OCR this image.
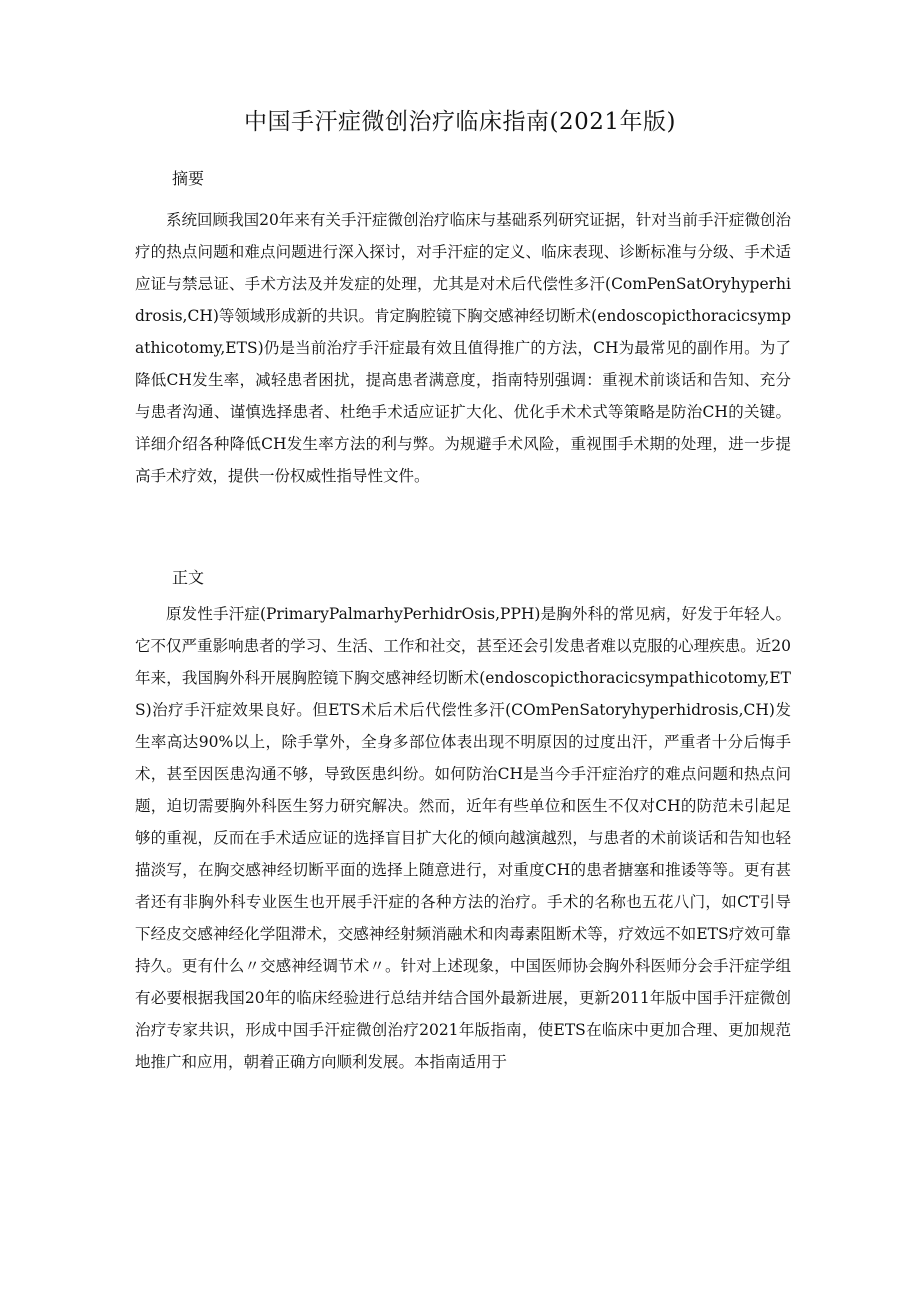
中国手汗症微创治疗临床指南(2021年版)
摘要

系统回顾我国20年来有关手汗症微创治疗临床与基础系列研究证据，针对当前手汗症微创治疗的热点问题和难点问题进行深入探讨，对手汗症的定义、临床表现、诊断标准与分级、手术适应证与禁忌证、手术方法及并发症的处理，尤其是对术后代偿性多汗(ComPenSatOryhyperhidrosis,CH)等领域形成新的共识。肯定胸腔镜下胸交感神经切断术(endoscopicthoracicsympathicotomy,ETS)仍是当前治疗手汗症最有效且值得推广的方法，CH为最常见的副作用。为了降低CH发生率，减轻患者困扰，提高患者满意度，指南特别强调：重视术前谈话和告知、充分与患者沟通、谨慎选择患者、杜绝手术适应证扩大化、优化手术术式等策略是防治CH的关键。详细介绍各种降低CH发生率方法的利与弊。为规避手术风险，重视围手术期的处理，进一步提高手术疗效，提供一份权威性指导性文件。

正文

原发性手汗症(PrimaryPalmarhyPerhidrOsis,PPH)是胸外科的常见病，好发于年轻人。它不仅严重影响患者的学习、生活、工作和社交，甚至还会引发患者难以克服的心理疾患。近20年来，我国胸外科开展胸腔镜下胸交感神经切断术(endoscopicthoracicsympathicotomy,ETS)治疗手汗症效果良好。但ETS术后术后代偿性多汗(COmPenSatoryhyperhidrosis,CH)发生率高达90%以上，除手掌外，全身多部位体表出现不明原因的过度出汗，严重者十分后悔手术，甚至因医患沟通不够，导致医患纠纷。如何防治CH是当今手汗症治疗的难点问题和热点问题，迫切需要胸外科医生努力研究解决。然而，近年有些单位和医生不仅对CH的防范未引起足够的重视，反而在手术适应证的选择盲目扩大化的倾向越演越烈，与患者的术前谈话和告知也轻描淡写，在胸交感神经切断平面的选择上随意进行，对重度CH的患者搪塞和推诿等等。更有甚者还有非胸外科专业医生也开展手汗症的各种方法的治疗。手术的名称也五花八门，如CT引导下经皮交感神经化学阻滞术，交感神经射频消融术和肉毒素阻断术等，疗效远不如ETS疗效可靠持久。更有什么〃交感神经调节术〃。针对上述现象，中国医师协会胸外科医师分会手汗症学组有必要根据我国20年的临床经验进行总结并结合国外最新进展，更新2011年版中国手汗症微创治疗专家共识，形成中国手汗症微创治疗2021年版指南，使ETS在临床中更加合理、更加规范地推广和应用，朝着正确方向顺利发展。本指南适用于
